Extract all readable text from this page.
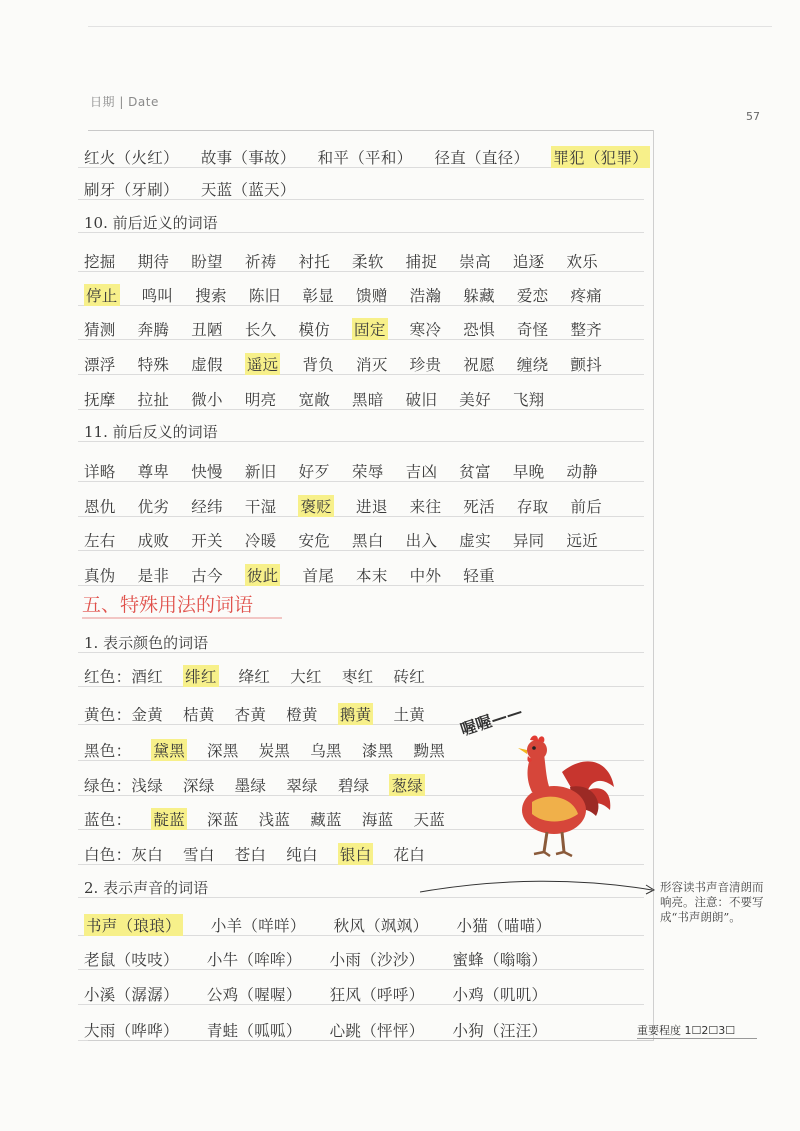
日期 | Date
57
红火（火红） 故事（事故） 和平（平和） 径直（直径） 罪犯（犯罪）
刷牙（牙刷） 天蓝（蓝天）
10. 前后近义的词语
挖掘 期待 盼望 祈祷 衬托 柔软 捕捉 崇高 追逐 欢乐
停止 鸣叫 搜索 陈旧 彰显 馈赠 浩瀚 躲藏 爱恋 疼痛
猜测 奔腾 丑陋 长久 模仿 固定 寒冷 恐惧 奇怪 整齐
漂浮 特殊 虚假 遥远 背负 消灭 珍贵 祝愿 缠绕 颤抖
抚摩 拉扯 微小 明亮 宽敞 黑暗 破旧 美好 飞翔
11. 前后反义的词语
详略 尊卑 快慢 新旧 好歹 荣辱 吉凶 贫富 早晚 动静
恩仇 优劣 经纬 干湿 褒贬 进退 来往 死活 存取 前后
左右 成败 开关 冷暖 安危 黑白 出入 虚实 异同 远近
真伪 是非 古今 彼此 首尾 本末 中外 轻重
1. 表示颜色的词语
红色：酒红 绯红 绛红 大红 枣红 砖红
黄色：金黄 桔黄 杏黄 橙黄 鹅黄 土黄
黑色： 黛黑 深黑 炭黑 乌黑 漆黑 黝黑
绿色：浅绿 深绿 墨绿 翠绿 碧绿 葱绿
蓝色： 靛蓝 深蓝 浅蓝 藏蓝 海蓝 天蓝
白色：灰白 雪白 苍白 纯白 银白 花白
2. 表示声音的词语
书声（琅琅） 小羊（咩咩） 秋风（飒飒） 小猫（喵喵）
老鼠（吱吱） 小牛（哞哞） 小雨（沙沙） 蜜蜂（嗡嗡）
小溪（潺潺） 公鸡（喔喔） 狂风（呼呼） 小鸡（叽叽）
大雨（哗哗） 青蛙（呱呱） 心跳（怦怦） 小狗（汪汪）
五、特殊用法的词语
喔喔——
形容读书声音清朗而响亮。注意：不要写成“书声朗朗”。
重要程度 1☐2☐3☐
